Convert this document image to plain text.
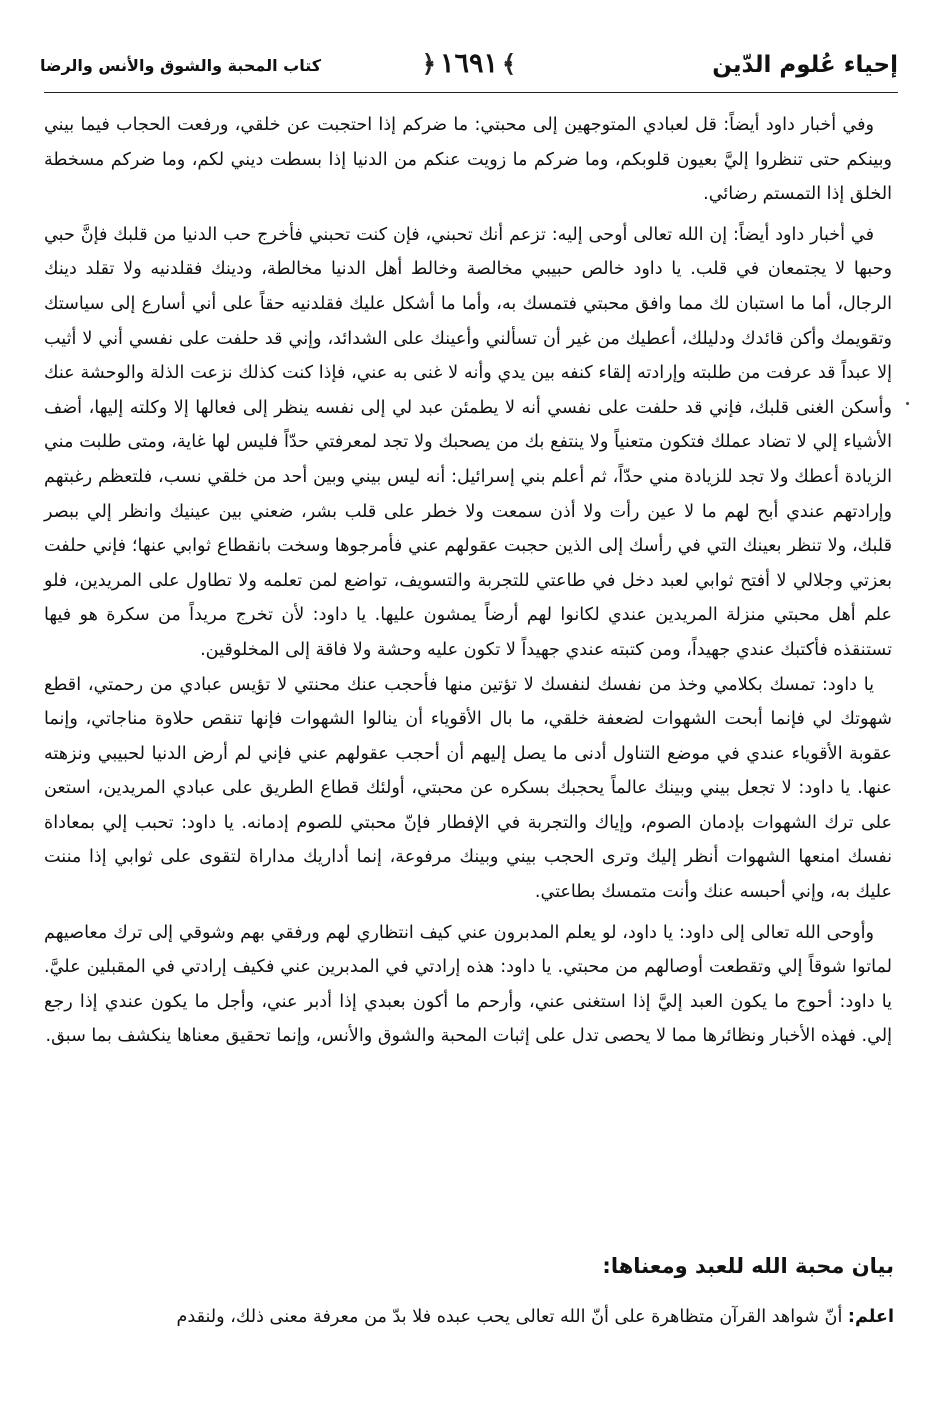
إحياء عُلوم الدّين
﴿ ١٦٩١ ﴾
كتاب المحبة والشوق والأنس والرضا

وفي أخبار داود أيضاً: قل لعبادي المتوجهين إلى محبتي: ما ضركم إذا احتجبت عن خلقي، ورفعت الحجاب فيما بيني وبينكم حتى تنظروا إليَّ بعيون قلوبكم، وما ضركم ما زويت عنكم من الدنيا إذا بسطت ديني لكم، وما ضركم مسخطة الخلق إذا التمستم رضائي.

في أخبار داود أيضاً: إن الله تعالى أوحى إليه: تزعم أنك تحبني، فإن كنت تحبني فأخرج حب الدنيا من قلبك فإنَّ حبي وحبها لا يجتمعان في قلب. يا داود خالص حبيبي مخالصة وخالط أهل الدنيا مخالطة، ودينك فقلدنيه ولا تقلد دينك الرجال، أما ما استبان لك مما وافق محبتي فتمسك به، وأما ما أشكل عليك فقلدنيه حقاً على أني أسارع إلى سياستك وتقويمك وأكن قائدك ودليلك، أعطيك من غير أن تسألني وأعينك على الشدائد، وإني قد حلفت على نفسي أني لا أثيب إلا عبداً قد عرفت من طلبته وإرادته إلقاء كنفه بين يدي وأنه لا غنى به عني، فإذا كنت كذلك نزعت الذلة والوحشة عنك وأسكن الغنى قلبك، فإني قد حلفت على نفسي أنه لا يطمئن عبد لي إلى نفسه ينظر إلى فعالها إلا وكلته إليها، أضف الأشياء إلي لا تضاد عملك فتكون متعنياً ولا ينتفع بك من يصحبك ولا تجد لمعرفتي حدّاً فليس لها غاية، ومتى طلبت مني الزيادة أعطك ولا تجد للزيادة مني حدّاً، ثم أعلم بني إسرائيل: أنه ليس بيني وبين أحد من خلقي نسب، فلتعظم رغبتهم وإرادتهم عندي أبح لهم ما لا عين رأت ولا أذن سمعت ولا خطر على قلب بشر، ضعني بين عينيك وانظر إلي ببصر قلبك، ولا تنظر بعينك التي في رأسك إلى الذين حجبت عقولهم عني فأمرجوها وسخت بانقطاع ثوابي عنها؛ فإني حلفت بعزتي وجلالي لا أفتح ثوابي لعبد دخل في طاعتي للتجربة والتسويف، تواضع لمن تعلمه ولا تطاول على المريدين، فلو علم أهل محبتي منزلة المريدين عندي لكانوا لهم أرضاً يمشون عليها. يا داود: لأن تخرج مريداً من سكرة هو فيها تستنقذه فأكتبك عندي جهيداً، ومن كتبته عندي جهيداً لا تكون عليه وحشة ولا فاقة إلى المخلوقين.

يا داود: تمسك بكلامي وخذ من نفسك لنفسك لا تؤتين منها فأحجب عنك محنتي لا تؤيس عبادي من رحمتي، اقطع شهوتك لي فإنما أبحت الشهوات لضعفة خلقي، ما بال الأقوياء أن ينالوا الشهوات فإنها تنقص حلاوة مناجاتي، وإنما عقوبة الأقوياء عندي في موضع التناول أدنى ما يصل إليهم أن أحجب عقولهم عني فإني لم أرض الدنيا لحبيبي ونزهته عنها. يا داود: لا تجعل بيني وبينك عالماً يحجبك بسكره عن محبتي، أولئك قطاع الطريق على عبادي المريدين، استعن على ترك الشهوات بإدمان الصوم، وإياك والتجربة في الإفطار فإنّ محبتي للصوم إدمانه. يا داود: تحبب إلي بمعاداة نفسك امنعها الشهوات أنظر إليك وترى الحجب بيني وبينك مرفوعة، إنما أداريك مداراة لتقوى على ثوابي إذا مننت عليك به، وإني أحبسه عنك وأنت متمسك بطاعتي.

وأوحى الله تعالى إلى داود: يا داود، لو يعلم المدبرون عني كيف انتظاري لهم ورفقي بهم وشوقي إلى ترك معاصيهم لماتوا شوقاً إلي وتقطعت أوصالهم من محبتي. يا داود: هذه إرادتي في المدبرين عني فكيف إرادتي في المقبلين عليَّ. يا داود: أحوج ما يكون العبد إليَّ إذا استغنى عني، وأرحم ما أكون بعبدي إذا أدبر عني، وأجل ما يكون عندي إذا رجع إلي. فهذه الأخبار ونظائرها مما لا يحصى تدل على إثبات المحبة والشوق والأنس، وإنما تحقيق معناها ينكشف بما سبق.

بيان محبة الله للعبد ومعناها:
اعلم: أنّ شواهد القرآن متظاهرة على أنّ الله تعالى يحب عبده فلا بدّ من معرفة معنى ذلك، ولنقدم
